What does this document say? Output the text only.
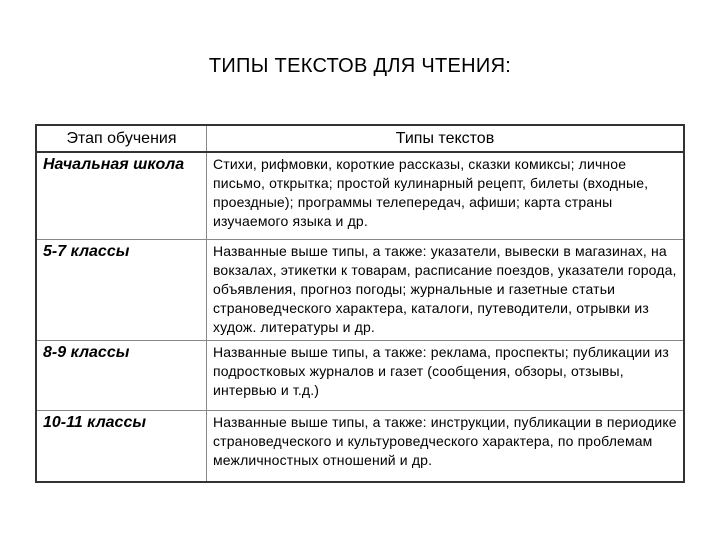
ТИПЫ ТЕКСТОВ ДЛЯ ЧТЕНИЯ:
Этап обучения	Типы текстов
Начальная школа	Стихи, рифмовки, короткие рассказы, сказки комиксы; личное письмо, открытка; простой кулинарный рецепт, билеты (входные, проездные); программы телепередач, афиши; карта страны изучаемого языка и др.
5-7 классы	Названные выше типы, а также: указатели, вывески в магазинах, на вокзалах, этикетки к товарам, расписание поездов, указатели города, объявления, прогноз погоды; журнальные и газетные статьи страноведческого характера, каталоги, путеводители, отрывки из худож. литературы и др.
8-9 классы	Названные выше типы, а также: реклама, проспекты; публикации из подростковых журналов и газет (сообщения, обзоры, отзывы, интервью и т.д.)
10-11 классы	Названные выше типы, а также: инструкции, публикации в периодике страноведческого и культуроведческого характера, по проблемам межличностных отношений и др.
